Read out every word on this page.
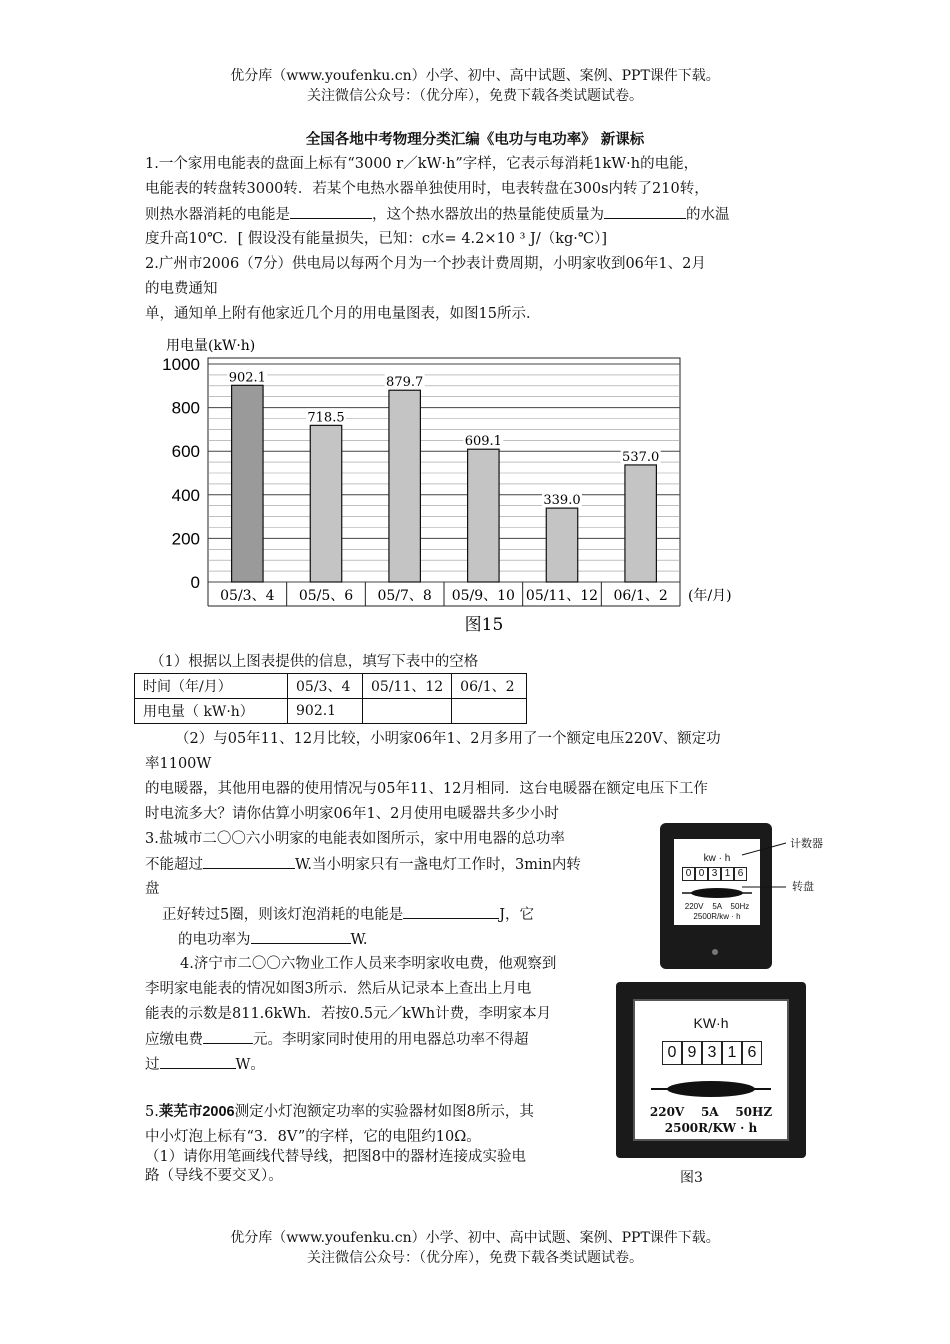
优分库（www.youfenku.cn）小学、初中、高中试题、案例、PPT课件下载。
关注微信公众号：（优分库），免费下载各类试题试卷。
全国各地中考物理分类汇编《电功与电功率》 新课标
1.一个家用电能表的盘面上标有“3000 r／kW·h”字样，它表示每消耗1kW·h的电能，
电能表的转盘转3000转．若某个电热水器单独使用时，电表转盘在300s内转了210转，
则热水器消耗的电能是	，这个热水器放出的热量能使质量为	的水温
度升高10℃．[ 假设没有能量损失，已知：c水= 4.2×10 ³ J/（kg·℃）]
2.广州市2006（7分）供电局以每两个月为一个抄表计费周期，小明家收到06年1、2月
的电费通知
单，通知单上附有他家近几个月的用电量图表，如图15所示．
0
200
400
600
800
1000
用电量(kW·h)
05/3、4 05/5、6 05/7、8 05/9、10 05/11、12 06/1、2 (年/月)
902.1
718.5
879.7
609.1
339.0
537.0
图15
（1）根据以上图表提供的信息，填写下表中的空格
时间（年/月）	05/3、4	05/11、12	06/1、2
用电量（ kW·h）	902.1		
（2）与05年11、12月比较，小明家06年1、2月多用了一个额定电压220V、额定功
率1100W
的电暖器，其他用电器的使用情况与05年11、12月相同．这台电暖器在额定电压下工作
时电流多大？请你估算小明家06年1、2月使用电暖器共多少小时
3.盐城市二〇〇六小明家的电能表如图所示，家中用电器的总功率
不能超过	W.当小明家只有一盏电灯工作时，3min内转
盘
正好转过5圈，则该灯泡消耗的电能是	J，它
的电功率为	W.
kw · h
0 0 3 1 6
220V    5A    50Hz
2500R/kw · h
计数器
转盘
4.济宁市二〇〇六物业工作人员来李明家收电费，他观察到
李明家电能表的情况如图3所示．然后从记录本上查出上月电
能表的示数是811.6kWh．若按0.5元／kWh计费，李明家本月
应缴电费	元。李明家同时使用的用电器总功率不得超
过	W。
KW·h
0 9 3 1 6
220V    5A    50HZ
2500R/KW · h
图3
5.莱芜市2006测定小灯泡额定功率的实验器材如图8所示，其
中小灯泡上标有“3．8V”的字样，它的电阻约10Ω。
（1）请你用笔画线代替导线，把图8中的器材连接成实验电
路（导线不要交叉）。
优分库（www.youfenku.cn）小学、初中、高中试题、案例、PPT课件下载。
关注微信公众号：（优分库），免费下载各类试题试卷。
